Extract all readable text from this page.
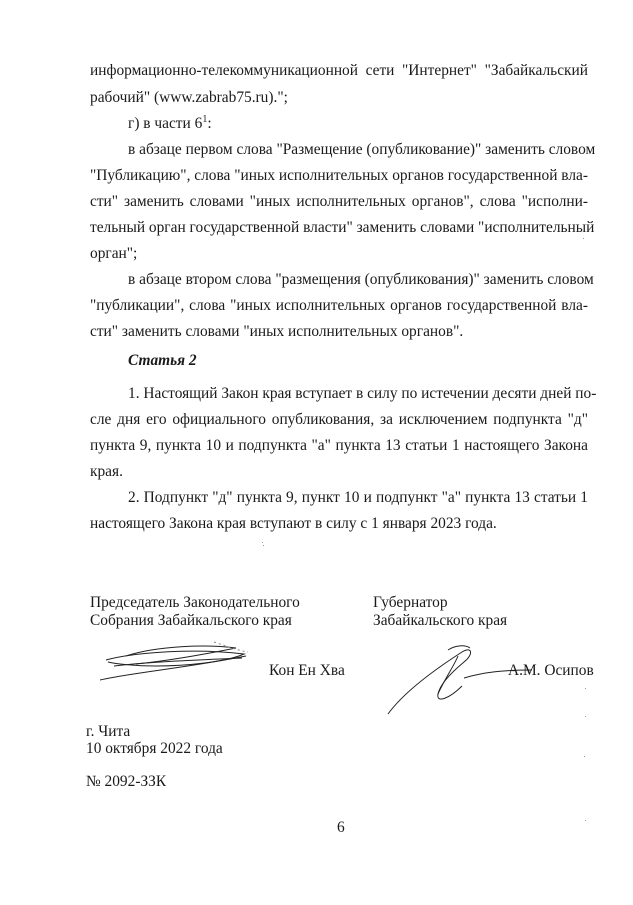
информационно-телекоммуникационной сети "Интернет" "Забайкальский
рабочий" (www.zabrab75.ru).";
г) в части $6^1$:
в абзаце первом слова "Размещение (опубликование)" заменить словом
"Публикацию", слова "иных исполнительных органов государственной вла-
сти" заменить словами "иных исполнительных органов", слова "исполни-
тельный орган государственной власти" заменить словами "исполнительный
орган";
в абзаце втором слова "размещения (опубликования)" заменить словом
"публикации", слова "иных исполнительных органов государственной вла-
сти" заменить словами "иных исполнительных органов".
Статья 2
1. Настоящий Закон края вступает в силу по истечении десяти дней по-
сле дня его официального опубликования, за исключением подпункта "д"
пункта 9, пункта 10 и подпункта "а" пункта 13 статьи 1 настоящего Закона
края.
2. Подпункт "д" пункта 9, пункт 10 и подпункт "а" пункта 13 статьи 1
настоящего Закона края вступают в силу с 1 января 2023 года.
Председатель Законодательного
Собрания Забайкальского края
Губернатор
Забайкальского края
Кон Ен Хва	А.М. Осипов
г. Чита
10 октября 2022 года
№ 2092-ЗЗК
6
